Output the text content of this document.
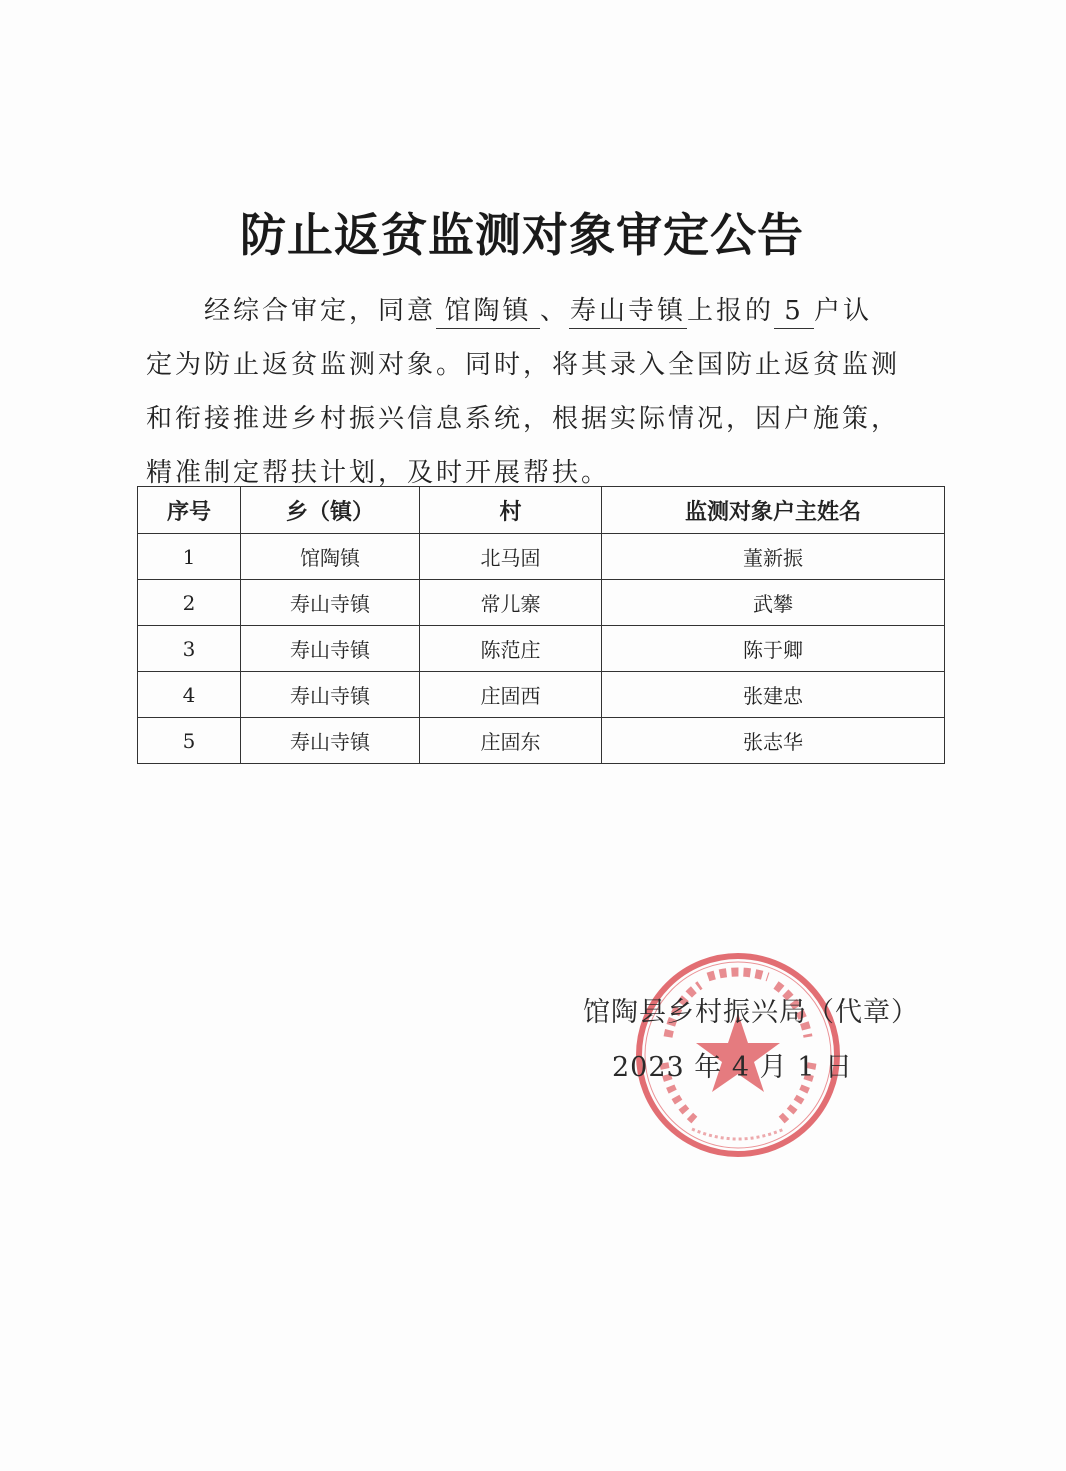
防止返贫监测对象审定公告
经综合审定，同意 馆陶镇 、寿山寺镇上报的 5 户认
定为防止返贫监测对象。同时，将其录入全国防止返贫监测
和衔接推进乡村振兴信息系统，根据实际情况，因户施策，
精准制定帮扶计划，及时开展帮扶。
序号	乡（镇）	村	监测对象户主姓名
1	馆陶镇	北马固	董新振
2	寿山寺镇	常儿寨	武攀
3	寿山寺镇	陈范庄	陈于卿
4	寿山寺镇	庄固西	张建忠
5	寿山寺镇	庄固东	张志华
馆陶县乡村振兴局（代章）
2023 年 4 月 1 日
